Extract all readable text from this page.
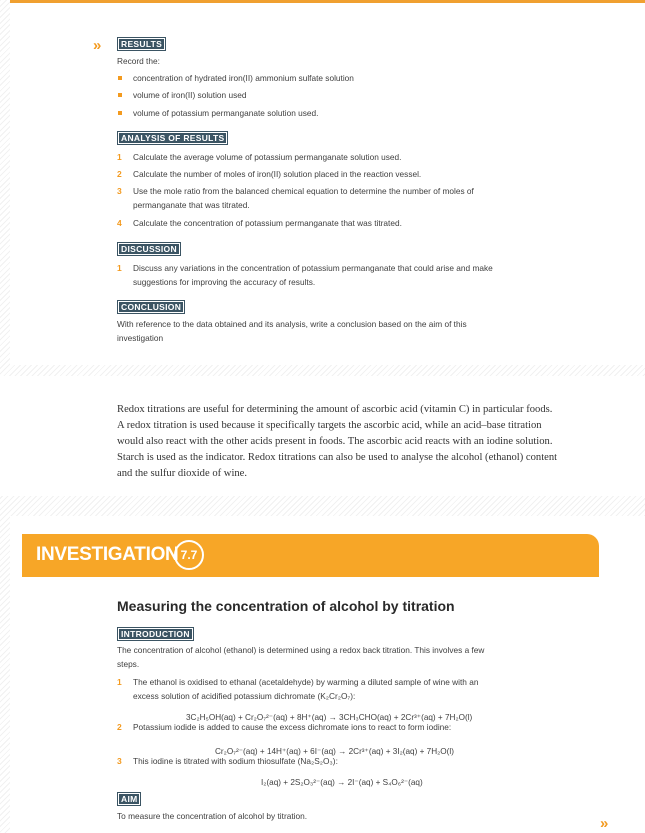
»	RESULTS

Record the:

concentration of hydrated iron(II) ammonium sulfate solution

volume of iron(II) solution used

volume of potassium permanganate solution used.

ANALYSIS OF RESULTS
1 Calculate the average volume of potassium permanganate solution used.

2 Calculate the number of moles of iron(II) solution placed in the reaction vessel.

3 Use the mole ratio from the balanced chemical equation to determine the number of moles of

permanganate that was titrated.

4 Calculate the concentration of potassium permanganate that was titrated.

DISCUSSION
1 Discuss any variations in the concentration of potassium permanganate that could arise and make

suggestions for improving the accuracy of results.

CONCLUSION

With reference to the data obtained and its analysis, write a conclusion based on the aim of this

investigation

Redox titrations are useful for determining the amount of ascorbic acid (vitamin C) in particular foods.

A redox titration is used because it specifically targets the ascorbic acid, while an acid–base titration

would also react with the other acids present in foods. The ascorbic acid reacts with an iodine solution.

Starch is used as the indicator. Redox titrations can also be used to analyse the alcohol (ethanol) content

and the sulfur dioxide of wine.

INVESTIGATION 7.7
Measuring the concentration of alcohol by titration
INTRODUCTION

The concentration of alcohol (ethanol) is determined using a redox back titration. This involves a few

steps.

1 The ethanol is oxidised to ethanal (acetaldehyde) by warming a diluted sample of wine with an

excess solution of acidified potassium dichromate (K₂Cr₂O₇):

3C₂H₅OH(aq) + Cr₂O₇²⁻(aq) + 8H⁺(aq) → 3CH₃CHO(aq) + 2Cr³⁺(aq) + 7H₂O(l)

2 Potassium iodide is added to cause the excess dichromate ions to react to form iodine:

Cr₂O₇²⁻(aq) + 14H⁺(aq) + 6I⁻(aq) → 2Cr³⁺(aq) + 3I₂(aq) + 7H₂O(l)

3 This iodine is titrated with sodium thiosulfate (Na₂S₂O₃):

I₂(aq) + 2S₂O₃²⁻(aq) → 2I⁻(aq) + S₄O₆²⁻(aq)

AIM

To measure the concentration of alcohol by titration.	»
